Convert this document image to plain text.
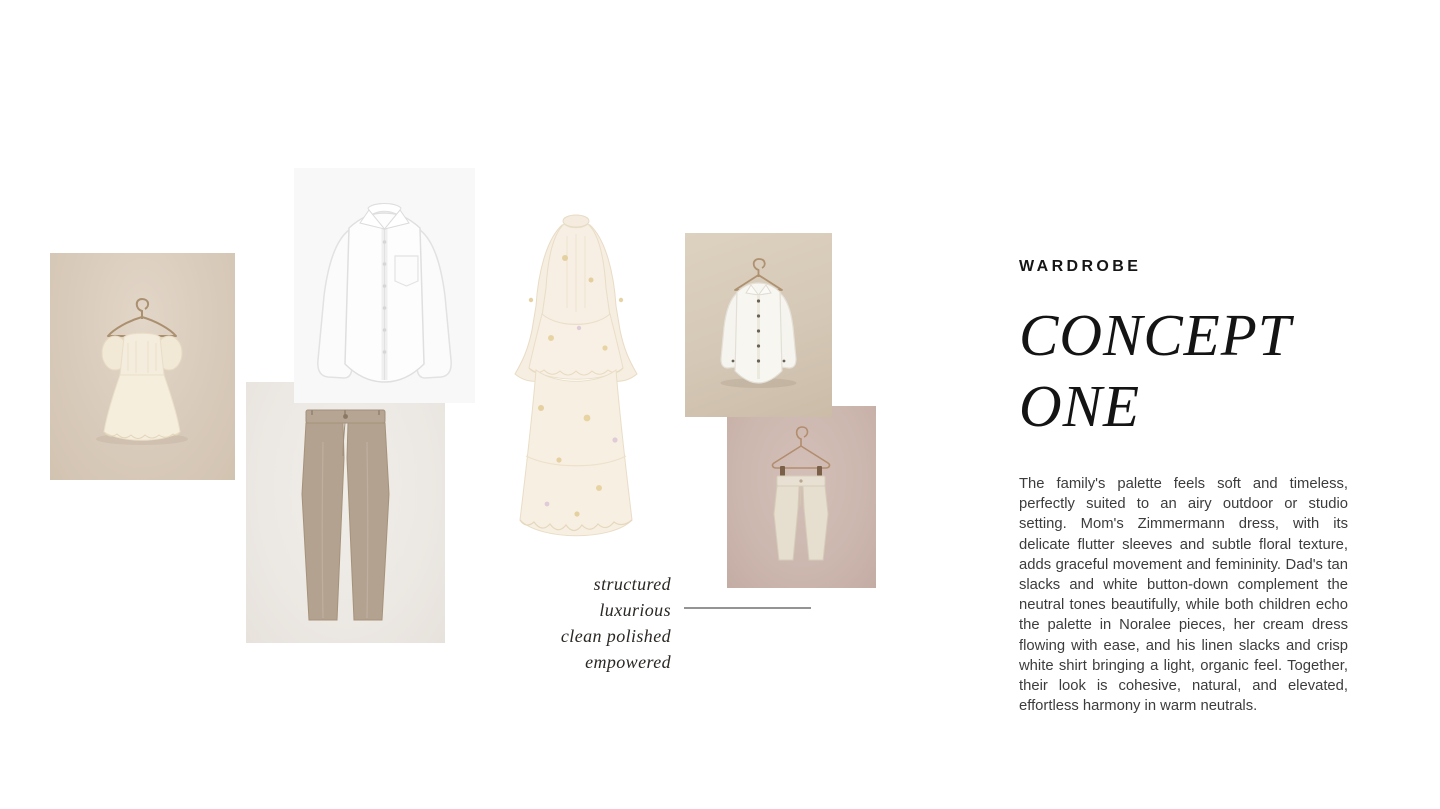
structured
luxurious
clean polished
empowered
WARDROBE
CONCEPT ONE
The family's palette feels soft and timeless, perfectly suited to an airy outdoor or studio setting. Mom's Zimmermann dress, with its delicate flutter sleeves and subtle floral texture, adds graceful movement and femininity. Dad's tan slacks and white button-down complement the neutral tones beautifully, while both children echo the palette in Noralee pieces, her cream dress flowing with ease, and his linen slacks and crisp white shirt bringing a light, organic feel. Together, their look is cohesive, natural, and elevated, effortless harmony in warm neutrals.
